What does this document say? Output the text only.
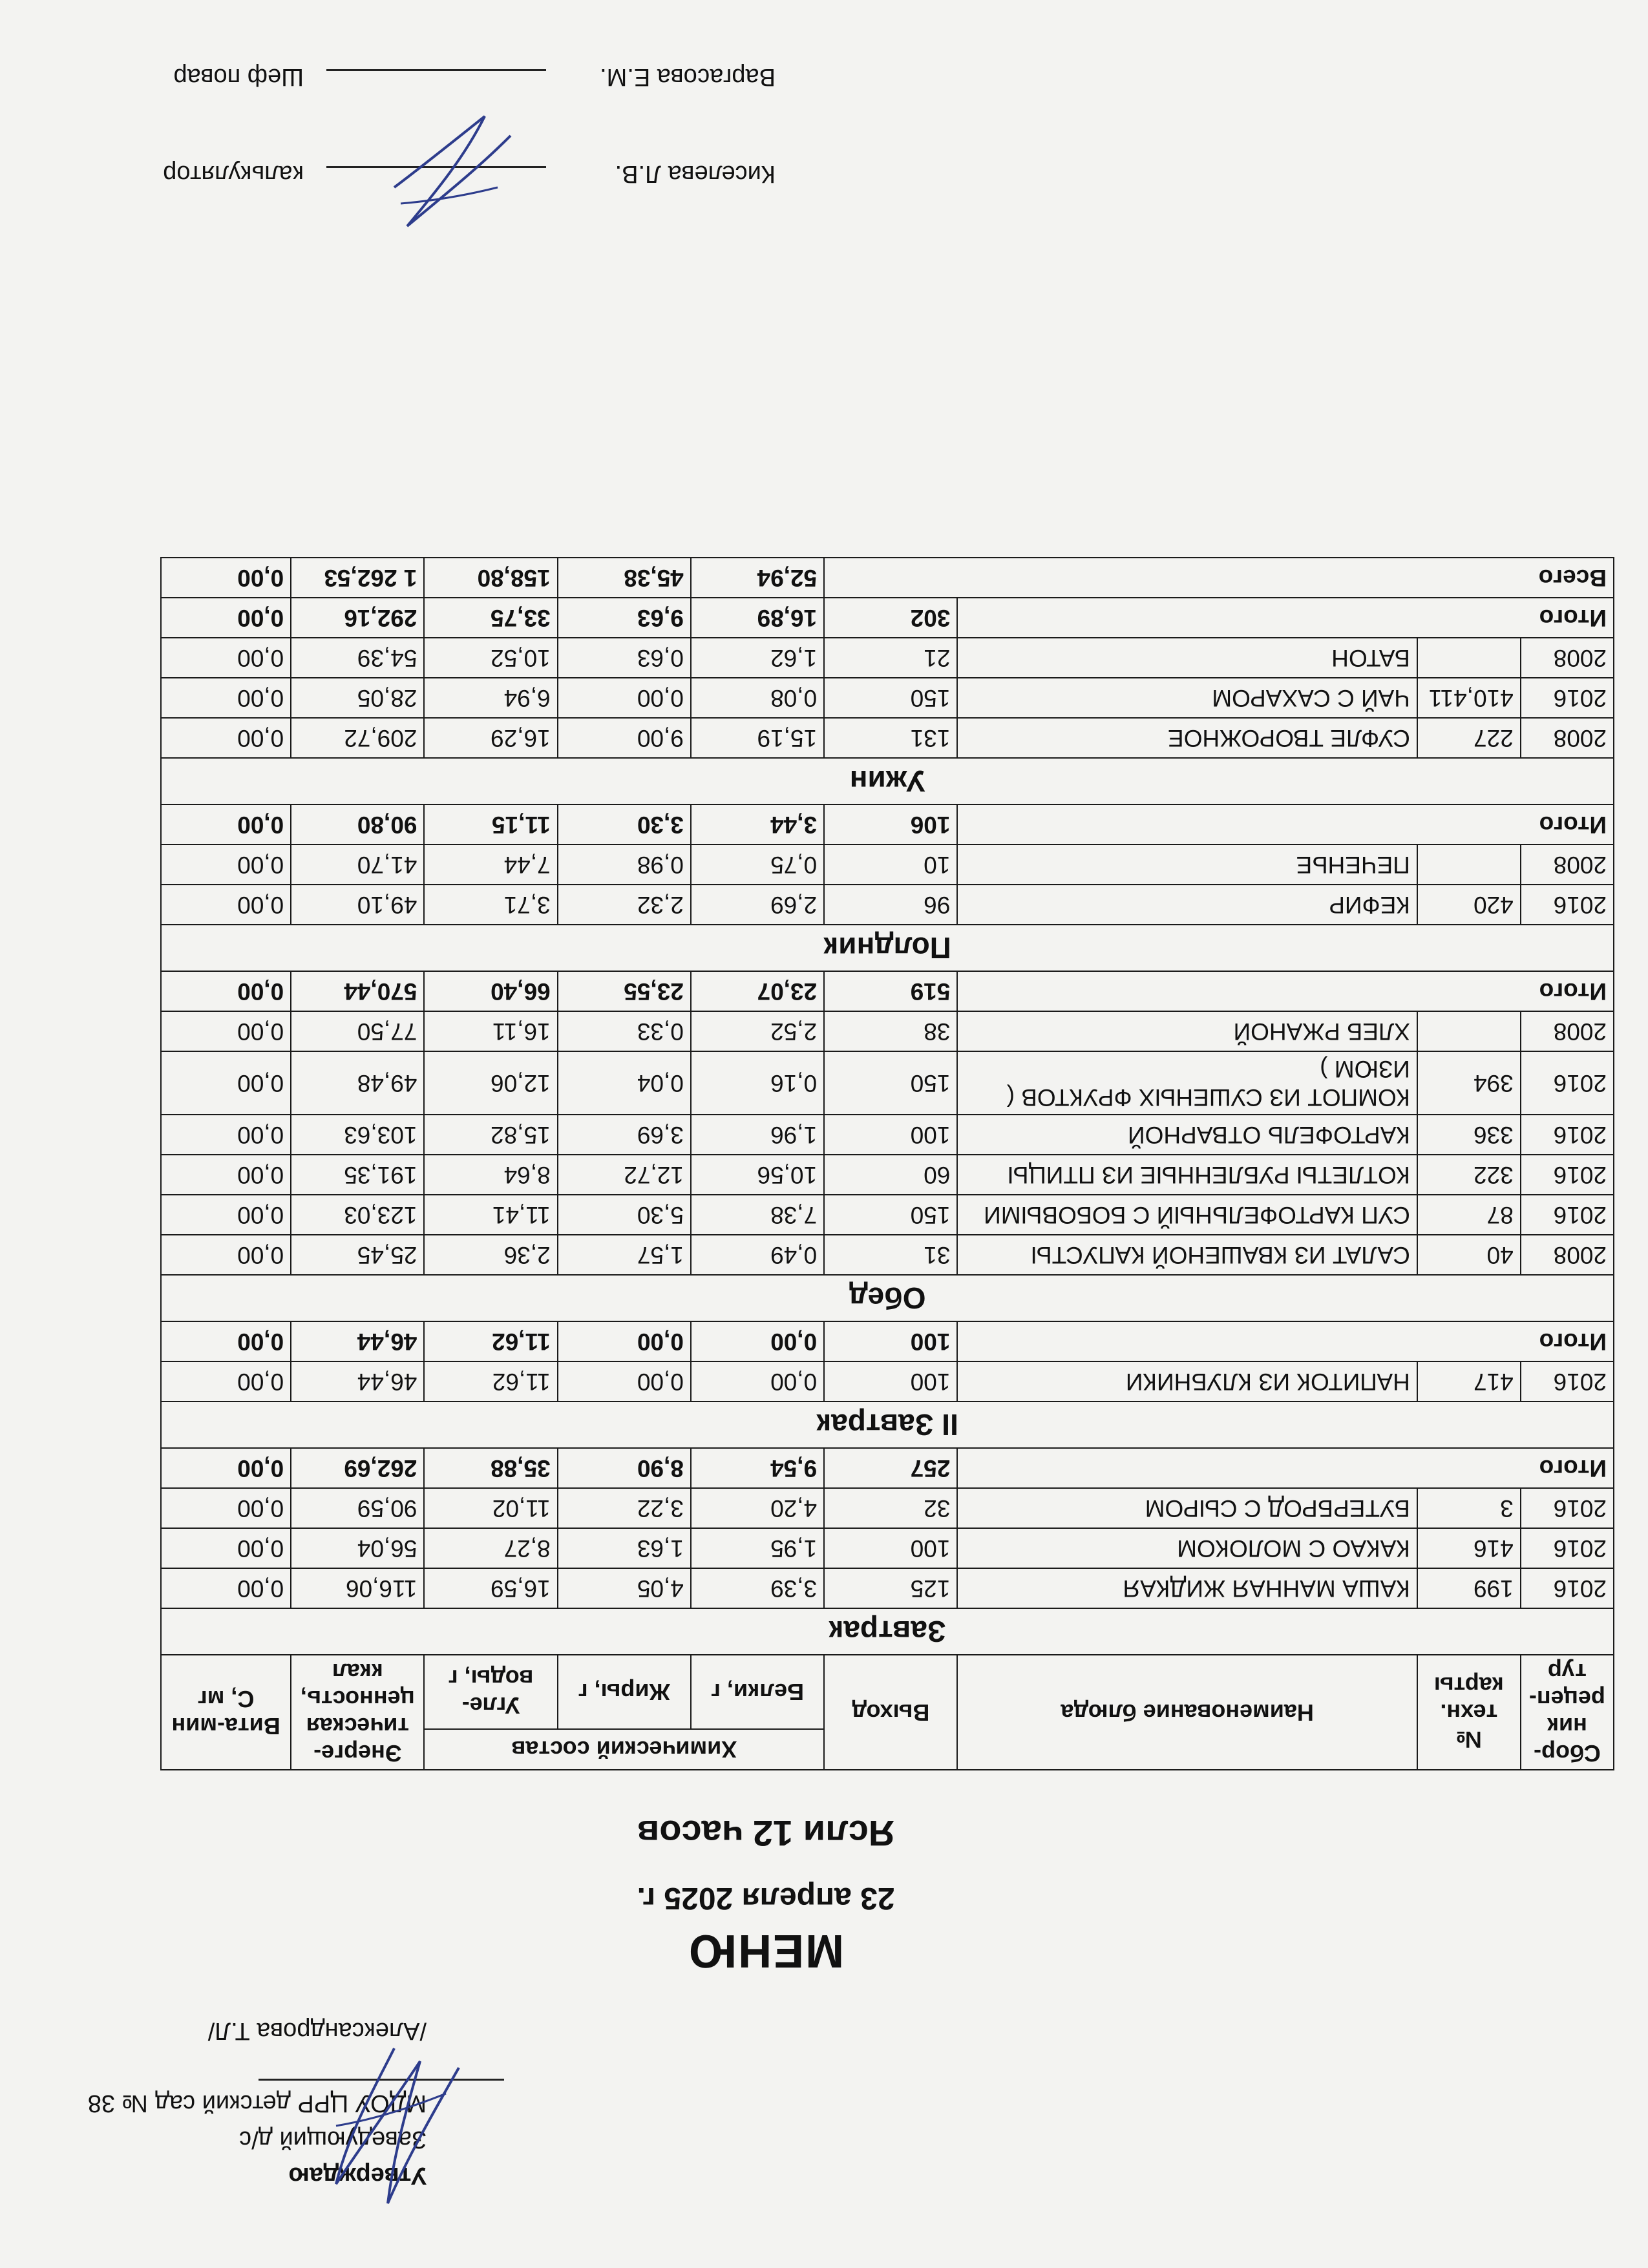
Утверждаю
Заведующий д/с
МДОУ ЦРР детский сад № 38
/Александрова Т.Л/
МЕНЮ
23 апреля 2025 г.
Ясли 12 часов
Сбор-ник рецеп-тур	№ техн. карты	Наименование блюда	Выход	Химический состав			Энерге-тическая ценность, ккал	Вита-мин С, мг
				Белки, г	Жиры, г	Угле-воды, г		
Завтрак								
2016	199	КАША МАННАЯ ЖИДКАЯ	125	3,39	4,05	16,59	116,06	0,00
2016	416	КАКАО С МОЛОКОМ	100	1,95	1,63	8,27	56,04	0,00
2016	3	БУТЕРБРОД С СЫРОМ	32	4,20	3,22	11,02	90,59	0,00
Итого			257	9,54	8,90	35,88	262,69	0,00
II Завтрак								
2016	417	НАПИТОК ИЗ КЛУБНИКИ	100	0,00	0,00	11,62	46,44	0,00
Итого			100	0,00	0,00	11,62	46,44	0,00
Обед								
2008	40	САЛАТ ИЗ КВАШЕНОЙ КАПУСТЫ	31	0,49	1,57	2,36	25,45	0,00
2016	87	СУП КАРТОФЕЛЬНЫЙ С БОБОВЫМИ	150	7,38	5,30	11,41	123,03	0,00
2016	322	КОТЛЕТЫ РУБЛЕННЫЕ ИЗ ПТИЦЫ	60	10,56	12,72	8,64	191,35	0,00
2016	336	КАРТОФЕЛЬ ОТВАРНОЙ	100	1,96	3,69	15,82	103,63	0,00
2016	394	КОМПОТ ИЗ СУШЕНЫХ ФРУКТОВ ( ИЗЮМ )	150	0,16	0,04	12,06	49,48	0,00
2008		ХЛЕБ РЖАНОЙ	38	2,52	0,33	16,11	77,50	0,00
Итого			519	23,07	23,55	66,40	570,44	0,00
Полдник								
2016	420	КЕФИР	96	2,69	2,32	3,71	49,10	0,00
2008		ПЕЧЕНЬЕ	10	0,75	0,98	7,44	41,70	0,00
Итого			106	3,44	3,30	11,15	90,80	0,00
Ужин								
2008	227	СУФЛЕ ТВОРОЖНОЕ	131	15,19	9,00	16,29	209,72	0,00
2016	410,411	ЧАЙ С САХАРОМ	150	0,08	0,00	6,94	28,05	0,00
2008		БАТОН	21	1,62	0,63	10,52	54,39	0,00
Итого			302	16,89	9,63	33,75	292,16	0,00
Всего				52,94	45,38	158,80	1 262,53	0,00
Киселева Л.В.
калькулятор
Варгасова Е.М.
Шеф повар
